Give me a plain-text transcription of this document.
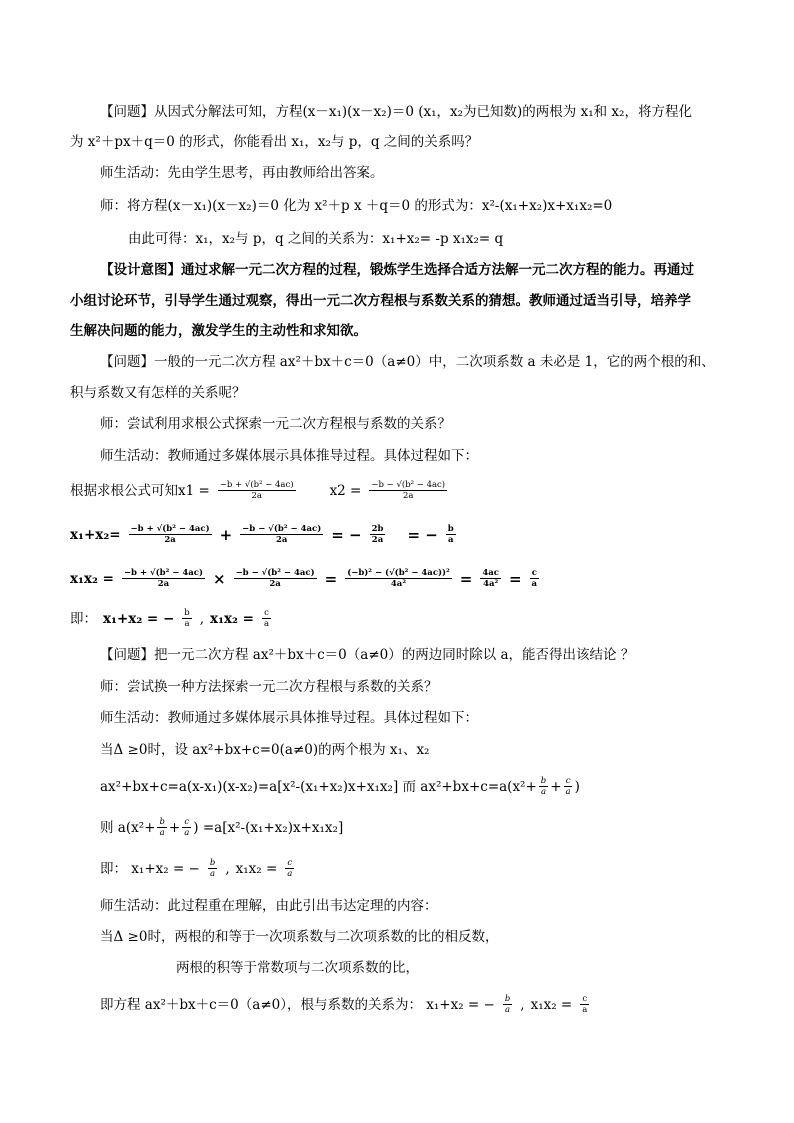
【问题】从因式分解法可知，方程(x－x₁)(x－x₂)＝0 (x₁，x₂为已知数)的两根为 x₁和 x₂，将方程化
为 x²＋px＋q＝0 的形式，你能看出 x₁，x₂与 p，q 之间的关系吗？
师生活动：先由学生思考，再由教师给出答案。
师：将方程(x－x₁)(x－x₂)＝0 化为 x²＋p x ＋q＝0 的形式为：x²-(x₁+x₂)x+x₁x₂=0
由此可得：x₁，x₂与 p，q 之间的关系为：x₁+x₂= -p x₁x₂= q
【设计意图】通过求解一元二次方程的过程，锻炼学生选择合适方法解一元二次方程的能力。再通过
小组讨论环节，引导学生通过观察，得出一元二次方程根与系数关系的猜想。教师通过适当引导，培养学
生解决问题的能力，激发学生的主动性和求知欲。
【问题】一般的一元二次方程 ax²＋bx＋c＝0（a≠0）中，二次项系数 a 未必是 1，它的两个根的和、
积与系数又有怎样的关系呢？
师：尝试利用求根公式探索一元二次方程根与系数的关系？
师生活动：教师通过多媒体展示具体推导过程。具体过程如下：
根据求根公式可知$x1 = \frac{\text{−b + √(b² − 4ac)}}{2a}$	$x2 = \frac{\text{−b − √(b² − 4ac)}}{2a}$
$x_1+x_2= \frac{\text{−b + √(b² − 4ac)}}{2a} + \frac{\text{−b − √(b² − 4ac)}}{2a}$ = − $\frac{2b}{2a}$ = − $\frac{b}{a}$
$x_1x_2 = \frac{\text{−b + √(b² − 4ac)}}{2a} \times \frac{\text{−b − √(b² − 4ac)}}{2a} = \frac{\text{(−b)² − (√(b² − 4ac))²}}{\text{4a²}} = \frac{4ac}{\text{4a²}} = \frac{c}{a}$
即： x₁+x₂ = − $\frac{b}{a}$ , $x_1x_2 = \frac{c}{a}$
【问题】把一元二次方程 ax²＋bx＋c＝0（a≠0）的两边同时除以 a，能否得出该结论 ？
师：尝试换一种方法探索一元二次方程根与系数的关系？
师生活动：教师通过多媒体展示具体推导过程。具体过程如下：
当Δ ≥0时，设 ax²+bx+c=0(a≠0)的两个根为 x₁、x₂
ax²+bx+c=a(x-x₁)(x-x₂)=a[x²-(x₁+x₂)x+x₁x₂] 而 $ax^2+bx+c=a(x^2+ \frac{b}{a} + \frac{c}{a}$ )
则 $a(x^2+ \frac{b}{a} + \frac{c}{a}$ ) =a[x²-(x₁+x₂)x+x₁x₂]
即： x₁+x₂ = − $\frac{b}{a}$ , $x_1x_2 = \frac{c}{a}$
师生活动：此过程重在理解，由此引出韦达定理的内容：
当Δ ≥0时，两根的和等于一次项系数与二次项系数的比的相反数，
两根的积等于常数项与二次项系数的比，
即方程 ax²＋bx＋c＝0（a≠0），根与系数的关系为： x₁+x₂ = − $\frac{b}{a}$ , $x_1x_2 = \frac{c}{a}$
